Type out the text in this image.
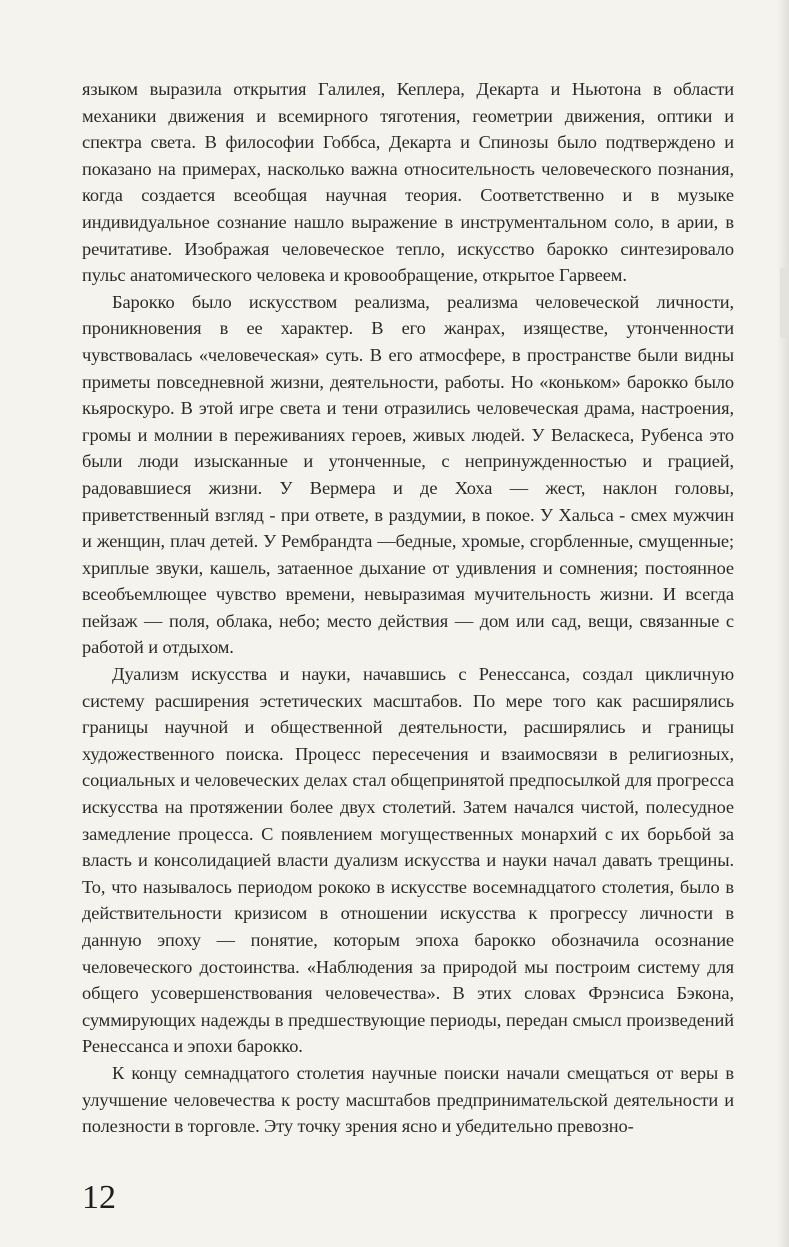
языком выразила открытия Галилея, Кеплера, Декарта и Ньютона в области механики движения и всемирного тяготения, геометрии движения, оптики и спектра света. В философии Гоббса, Декарта и Спинозы было подтверждено и показано на примерах, насколько важна относительность человеческого познания, когда создается всеобщая научная теория. Соответственно и в музыке индивидуальное сознание нашло выражение в инструментальном соло, в арии, в речитативе. Изображая человеческое тепло, искусство барокко синтезировало пульс анатомического человека и кровообращение, открытое Гарвеем.

Барокко было искусством реализма, реализма человеческой личности, проникновения в ее характер. В его жанрах, изяществе, утонченности чувствовалась «человеческая» суть. В его атмосфере, в пространстве были видны приметы повседневной жизни, деятельности, работы. Но «коньком» барокко было кьяроскуро. В этой игре света и тени отразились человеческая драма, настроения, громы и молнии в переживаниях героев, живых людей. У Веласкеса, Рубенса это были люди изысканные и утонченные, с непринужденностью и грацией, радовавшиеся жизни. У Вермера и де Хоха — жест, наклон головы, приветственный взгляд - при ответе, в раздумии, в покое. У Хальса - смех мужчин и женщин, плач детей. У Рембрандта —бедные, хромые, сгорбленные, смущенные; хриплые звуки, кашель, затаенное дыхание от удивления и сомнения; постоянное всеобъемлющее чувство времени, невыразимая мучительность жизни. И всегда пейзаж — поля, облака, небо; место действия — дом или сад, вещи, связанные с работой и отдыхом.

Дуализм искусства и науки, начавшись с Ренессанса, создал цикличную систему расширения эстетических масштабов. По мере того как расширялись границы научной и общественной деятельности, расширялись и границы художественного поиска. Процесс пересечения и взаимосвязи в религиозных, социальных и человеческих делах стал общепринятой предпосылкой для прогресса искусства на протяжении более двух столетий. Затем начался чистой, полесудное замедление процесса. С появлением могущественных монархий с их борьбой за власть и консолидацией власти дуализм искусства и науки начал давать трещины. То, что называлось периодом рококо в искусстве восемнадцатого столетия, было в действительности кризисом в отношении искусства к прогрессу личности в данную эпоху — понятие, которым эпоха барокко обозначила осознание человеческого достоинства. «Наблюдения за природой мы построим систему для общего усовершенствования человечества». В этих словах Фрэнсиса Бэкона, суммирующих надежды в предшествующие периоды, передан смысл произведений Ренессанса и эпохи барокко.

К концу семнадцатого столетия научные поиски начали смещаться от веры в улучшение человечества к росту масштабов предпринимательской деятельности и полезности в торговле. Эту точку зрения ясно и убедительно превозно-

12
